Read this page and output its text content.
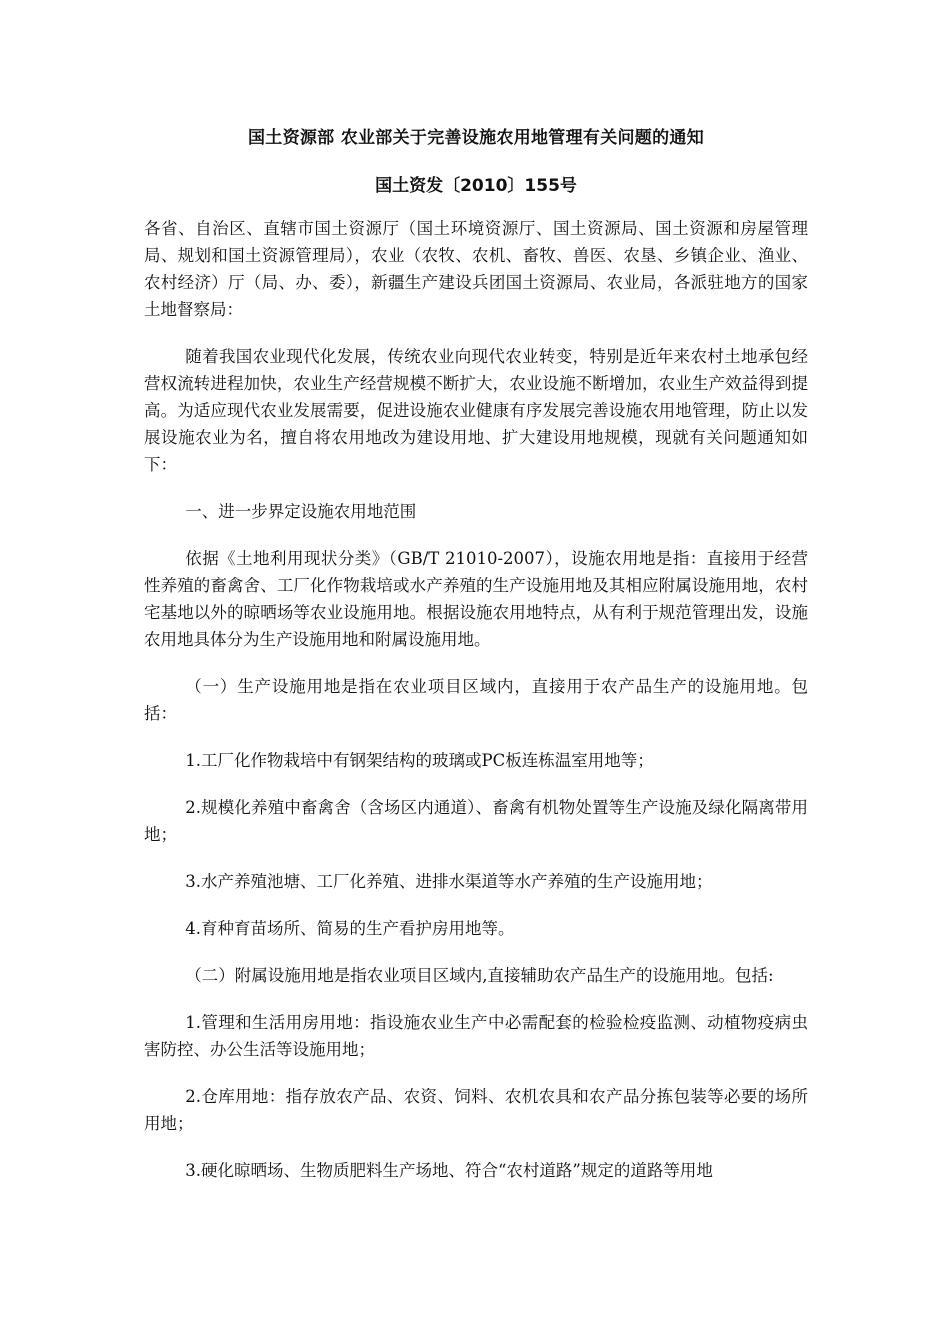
国土资源部 农业部关于完善设施农用地管理有关问题的通知

国土资发〔2010〕155号

各省、自治区、直辖市国土资源厅（国土环境资源厅、国土资源局、国土资源和房屋管理局、规划和国土资源管理局），农业（农牧、农机、畜牧、兽医、农垦、乡镇企业、渔业、农村经济）厅（局、办、委），新疆生产建设兵团国土资源局、农业局，各派驻地方的国家土地督察局：

随着我国农业现代化发展，传统农业向现代农业转变，特别是近年来农村土地承包经营权流转进程加快，农业生产经营规模不断扩大，农业设施不断增加，农业生产效益得到提高。为适应现代农业发展需要，促进设施农业健康有序发展完善设施农用地管理，防止以发展设施农业为名，擅自将农用地改为建设用地、扩大建设用地规模，现就有关问题通知如下：

一、进一步界定设施农用地范围

依据《土地利用现状分类》（GB/T 21010-2007），设施农用地是指：直接用于经营性养殖的畜禽舍、工厂化作物栽培或水产养殖的生产设施用地及其相应附属设施用地，农村宅基地以外的晾晒场等农业设施用地。根据设施农用地特点，从有利于规范管理出发，设施农用地具体分为生产设施用地和附属设施用地。

（一）生产设施用地是指在农业项目区域内，直接用于农产品生产的设施用地。包括：

1.工厂化作物栽培中有钢架结构的玻璃或PC板连栋温室用地等；

2.规模化养殖中畜禽舍（含场区内通道）、畜禽有机物处置等生产设施及绿化隔离带用地；

3.水产养殖池塘、工厂化养殖、进排水渠道等水产养殖的生产设施用地；

4.育种育苗场所、简易的生产看护房用地等。

（二）附属设施用地是指农业项目区域内,直接辅助农产品生产的设施用地。包括:

1.管理和生活用房用地：指设施农业生产中必需配套的检验检疫监测、动植物疫病虫害防控、办公生活等设施用地；

2.仓库用地：指存放农产品、农资、饲料、农机农具和农产品分拣包装等必要的场所用地；

3.硬化晾晒场、生物质肥料生产场地、符合“农村道路”规定的道路等用地
